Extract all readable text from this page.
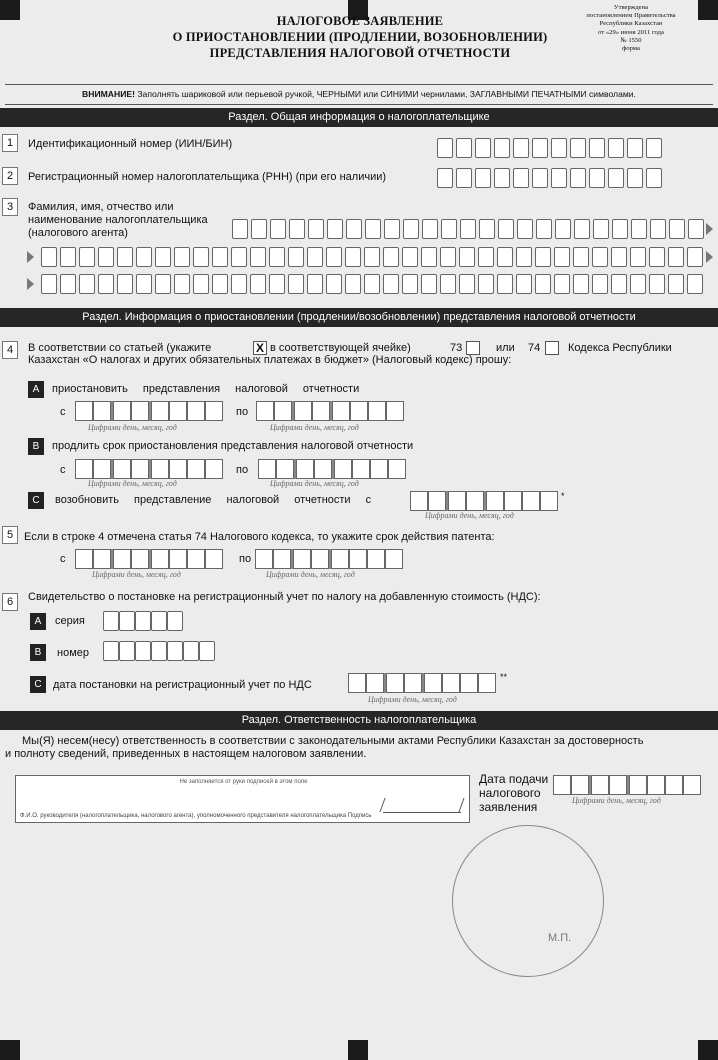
НАЛОГОВОЕ ЗАЯВЛЕНИЕ
О ПРИОСТАНОВЛЕНИИ (ПРОДЛЕНИИ, ВОЗОБНОВЛЕНИИ)
ПРЕДСТАВЛЕНИЯ НАЛОГОВОЙ ОТЧЕТНОСТИ
Утверждена
постановлением Правительства
Республики Казахстан
от «29» июня 2011 года
№ 1550
форма
ВНИМАНИЕ! Заполнять шариковой или перьевой ручкой, ЧЕРНЫМИ или СИНИМИ чернилами, ЗАГЛАВНЫМИ ПЕЧАТНЫМИ символами.
Раздел. Общая информация о налогоплательщике
1	Идентификационный номер (ИИН/БИН)
2	Регистрационный номер налогоплательщика (РНН) (при его наличии)
3	Фамилия, имя, отчество или
наименование налогоплательщика
(налогового агента)
Раздел. Информация о приостановлении (продлении/возобновлении) представления налоговой отчетности
4	В соответствии со статьей (укажите	X в соответствующей ячейке)	73	или 74	Кодекса Республики
Казахстан «О налогах и других обязательных платежах в бюджет» (Налоговый кодекс) прошу:
A	приостановить представления налоговой отчетности
с
Цифрами день, месяц, год
по
Цифрами день, месяц, год
B	продлить срок приостановления представления налоговой отчетности
с
Цифрами день, месяц, год
по
Цифрами день, месяц, год
C	возобновить представление налоговой отчетности с	*
Цифрами день, месяц, год
5 Если в строке 4 отмечена статья 74 Налогового кодекса, то укажите срок действия патента:
с
Цифрами день, месяц, год
по
Цифрами день, месяц, год
6	Свидетельство о постановке на регистрационный учет по налогу на добавленную стоимость (НДС):
A	серия
B	номер
C	дата постановки на регистрационный учет по НДС
**
Цифрами день, месяц, год
Раздел. Ответственность налогоплательщика
Мы(Я) несем(несу) ответственность в соответствии с законодательными актами Республики Казахстан за достоверность
и полноту сведений, приведенных в настоящем налоговом заявлении.
Не заполняется от руки подписей в этом поле
Ф.И.О. руководителя (налогоплательщика, налогового агента), уполномоченного представителя налогоплательщика Подпись
Дата подачи
налогового
заявления	Цифрами день, месяц, год
М.П.
